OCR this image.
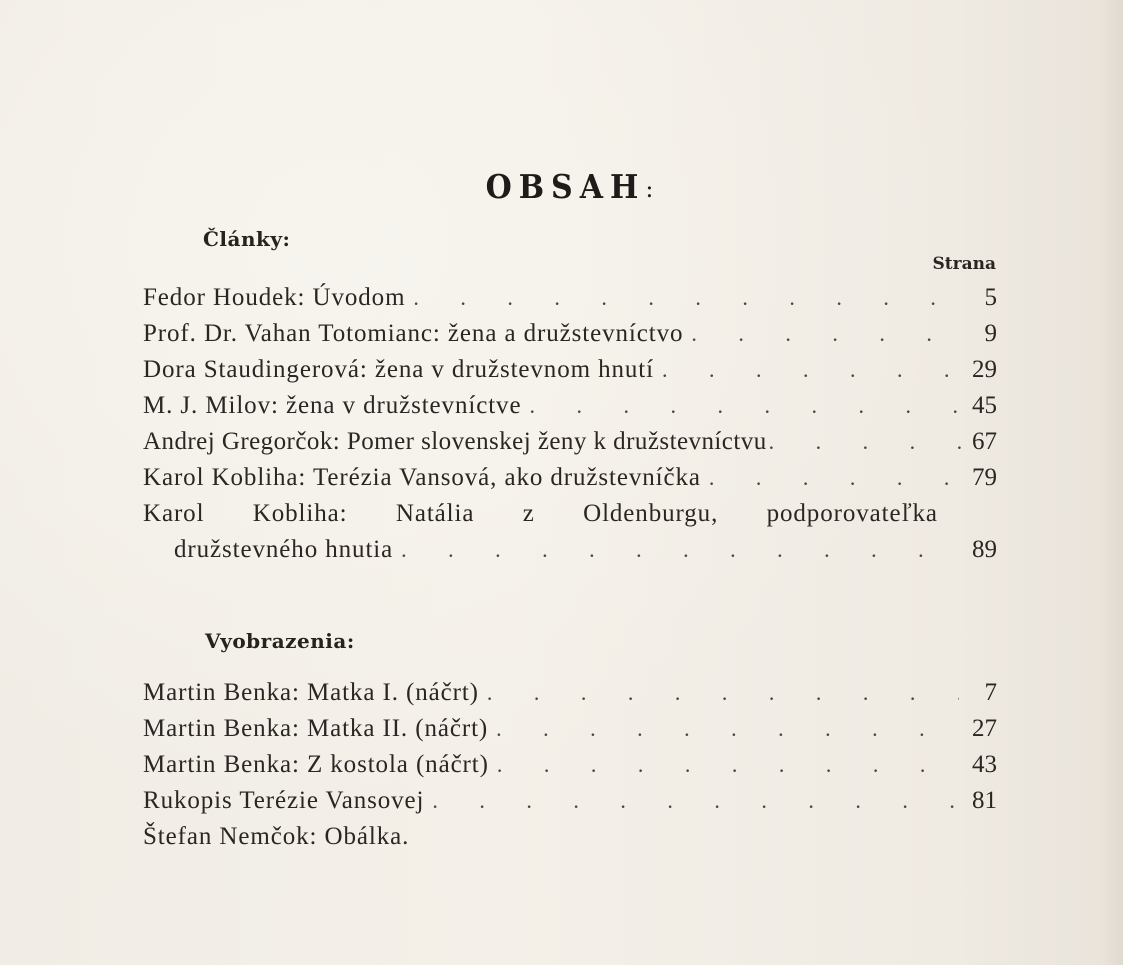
OBSAH:
Články:
Strana
Fedor Houdek: Úvodom . . .	5
Prof. Dr. Vahan Totomianc: žena a družstevníctvo . . .	9
Dora Staudingerová: žena v družstevnom hnutí . . .	29
M. J. Milov: žena v družstevníctve . . .	45
Andrej Gregorčok: Pomer slovenskej ženy k družstevníctvu . . .	67
Karol Kobliha: Terézia Vansová, ako družstevníčka . . .	79
Karol Kobliha: Natália z Oldenburgu, podporovateľka
družstevného hnutia . . .	89
Vyobrazenia:
Martin Benka: Matka I. (náčrt) . . .	7
Martin Benka: Matka II. (náčrt) . . .	27
Martin Benka: Z kostola (náčrt) . . .	43
Rukopis Terézie Vansovej . . .	81
Štefan Nemčok: Obálka.
